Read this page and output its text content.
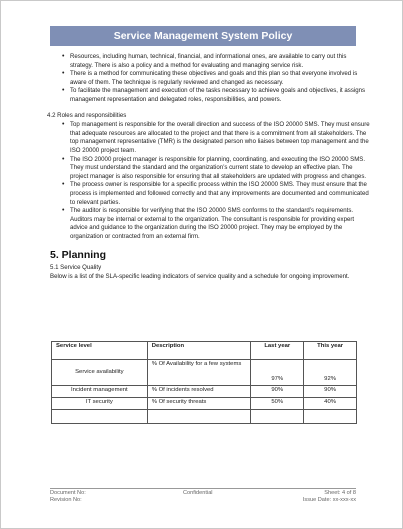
Service Management System Policy
• Resources, including human, technical, financial, and informational ones, are available to carry out this strategy. There is also a policy and a method for evaluating and managing service risk.
• There is a method for communicating these objectives and goals and this plan so that everyone involved is aware of them. The technique is regularly reviewed and changed as necessary.
• To facilitate the management and execution of the tasks necessary to achieve goals and objectives, it assigns management representation and delegated roles, responsibilities, and powers.
4.2 Roles and responsibilities
• Top management is responsible for the overall direction and success of the ISO 20000 SMS. They must ensure that adequate resources are allocated to the project and that there is a commitment from all stakeholders. The top management representative (TMR) is the designated person who liaises between top management and the ISO 20000 project team.
• The ISO 20000 project manager is responsible for planning, coordinating, and executing the ISO 20000 SMS. They must understand the standard and the organization’s current state to develop an effective plan. The project manager is also responsible for ensuring that all stakeholders are updated with progress and changes.
• The process owner is responsible for a specific process within the ISO 20000 SMS. They must ensure that the process is implemented and followed correctly and that any improvements are documented and communicated to relevant parties.
• The auditor is responsible for verifying that the ISO 20000 SMS conforms to the standard’s requirements. Auditors may be internal or external to the organization. The consultant is responsible for providing expert advice and guidance to the organization during the ISO 20000 project. They may be employed by the organization or contracted from an external firm.
5. Planning
5.1 Service Quality
Below is a list of the SLA-specific leading indicators of service quality and a schedule for ongoing improvement.
Service level	Description	Last year	This year
Service availability	% Of Availability for a few systems	97%	92%
Incident management	% Of incidents resolved	90%	90%
IT security	% Of security threats	50%	40%

Document No:
Revision No:
Confidential	Sheet: 4 of 8
Issue Date: xx-xxx-xx
